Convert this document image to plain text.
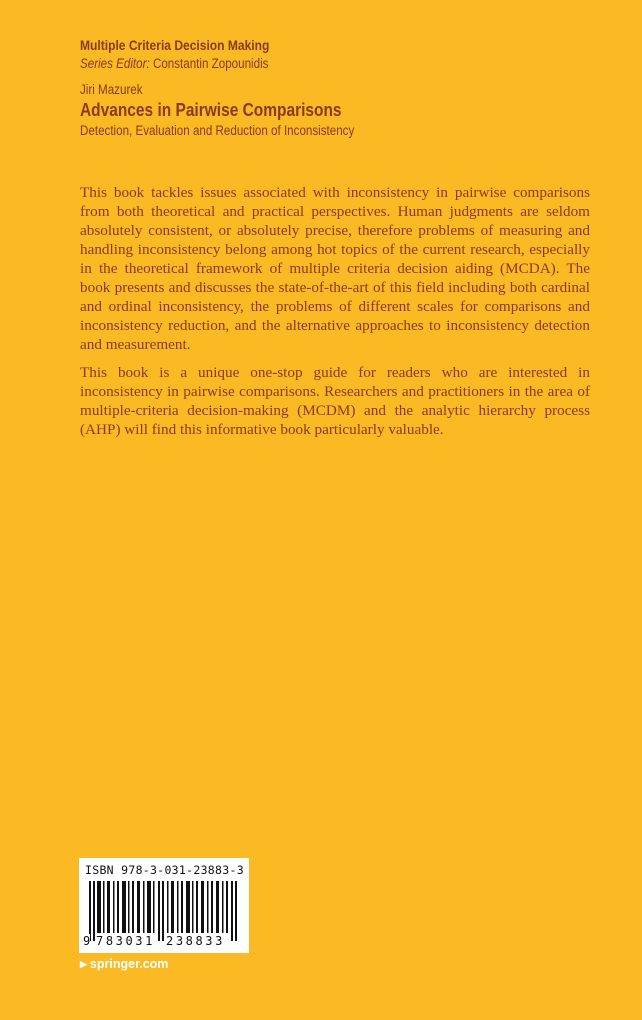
Multiple Criteria Decision Making
Series Editor: Constantin Zopounidis
Jiri Mazurek
Advances in Pairwise Comparisons
Detection, Evaluation and Reduction of Inconsistency

This book tackles issues associated with inconsistency in pairwise comparisons from both theoretical and practical perspectives. Human judgments are seldom absolutely consistent, or absolutely precise, therefore problems of measuring and handling inconsistency belong among hot topics of the current research, especially in the theoretical framework of multiple criteria decision aiding (MCDA). The book presents and discusses the state-of-the-art of this field including both cardinal and ordinal inconsistency, the problems of different scales for comparisons and inconsistency reduction, and the alternative approaches to inconsistency detection and measurement.

This book is a unique one-stop guide for readers who are interested in inconsistency in pairwise comparisons. Researchers and practitioners in the area of multiple-criteria decision-making (MCDM) and the analytic hierarchy process (AHP) will find this informative book particularly valuable.

ISBN 978-3-031-23883-3
9 783031 238833
▶ springer.com
